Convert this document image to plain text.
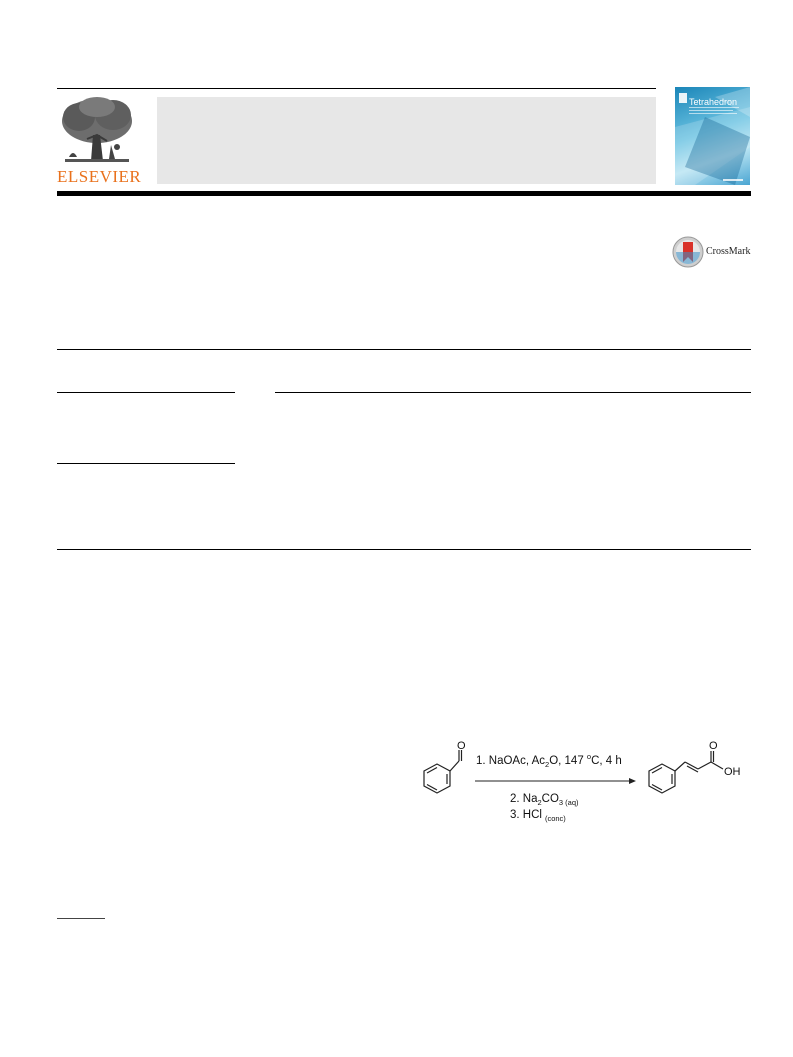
ELSEVIER
Tetrahedron
CrossMark
O
1. NaOAc, $Ac_2O$, 147 $^o$C, 4 h
2. $Na_2CO_{3 (aq)}$
3. HCl $_{(conc)}$
O
OH
